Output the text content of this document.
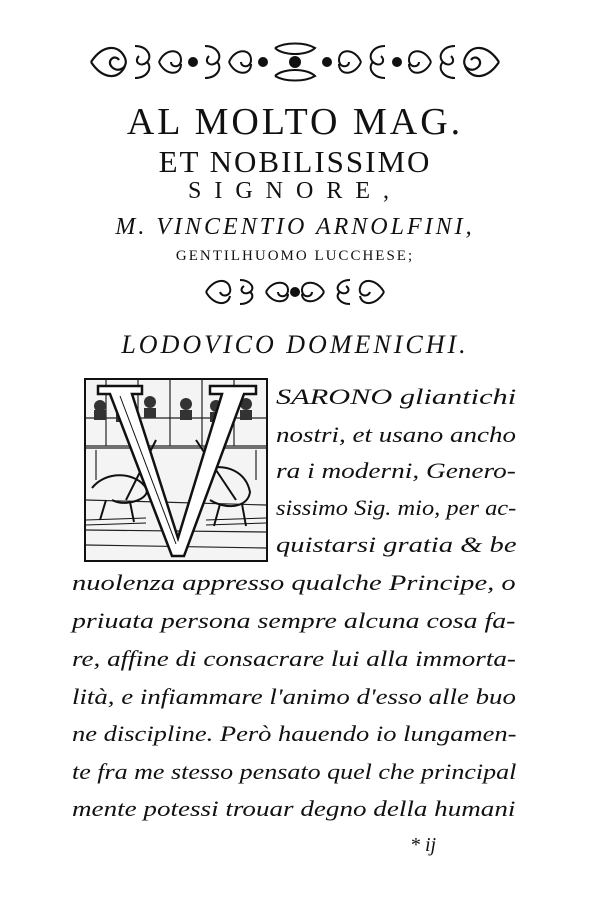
AL MOLTO MAG.
ET NOBILISSIMO
SIGNORE,
M. VINCENTIO ARNOLFINI,
GENTILHUOMO LUCCHESE;
LODOVICO DOMENICHI.
SARONO gliantichi
nostri, et usano ancho
ra i moderni, Genero-
sissimo Sig. mio, per ac-
quistarsi gratia & be
nuolenza appresso qualche Principe, o
priuata persona sempre alcuna cosa fa-
re, affine di consacrare lui alla immorta-
lità, e infiammare l'animo d'esso alle buo
ne discipline. Però hauendo io lungamen-
te fra me stesso pensato quel che principal
mente potessi trouar degno della humani
* ij
